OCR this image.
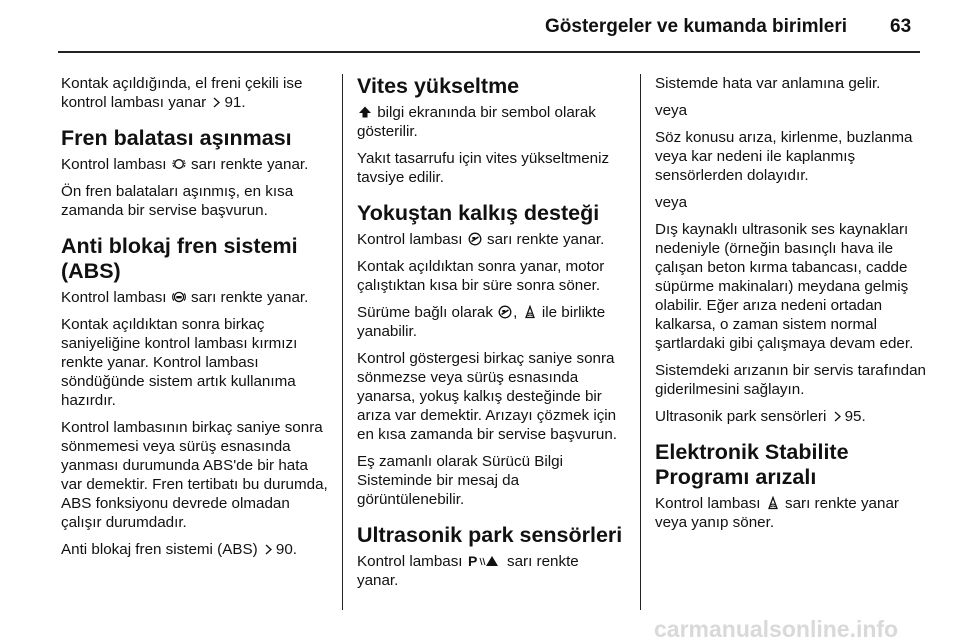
Göstergeler ve kumanda birimleri 63

Kontak açıldığında, el freni çekili ise kontrol lambası yanar 91.

Fren balatası aşınması

Kontrol lambası sarı renkte yanar.

Ön fren balataları aşınmış, en kısa zamanda bir servise başvurun.

Anti blokaj fren sistemi (ABS)

Kontrol lambası sarı renkte yanar.

Kontak açıldıktan sonra birkaç saniyeliğine kontrol lambası kırmızı renkte yanar. Kontrol lambası söndüğünde sistem artık kullanıma hazırdır.

Kontrol lambasının birkaç saniye sonra sönmemesi veya sürüş esnasında yanması durumunda ABS'de bir hata var demektir. Fren tertibatı bu durumda, ABS fonksiyonu devrede olmadan çalışır durumdadır.

Anti blokaj fren sistemi (ABS) 90.

Vites yükseltme

bilgi ekranında bir sembol olarak gösterilir.

Yakıt tasarrufu için vites yükseltmeniz tavsiye edilir.

Yokuştan kalkış desteği

Kontrol lambası sarı renkte yanar.

Kontak açıldıktan sonra yanar, motor çalıştıktan kısa bir süre sonra söner.

Sürüme bağlı olarak ,
ile birlikte yanabilir.

Kontrol göstergesi birkaç saniye sonra sönmezse veya sürüş esnasında yanarsa, yokuş kalkış desteğinde bir arıza var demektir. Arızayı çözmek için en kısa zamanda bir servise başvurun.

Eş zamanlı olarak Sürücü Bilgi Sisteminde bir mesaj da görüntülenebilir.

Ultrasonik park sensörleri

Kontrol lambası P sarı renkte yanar.

Sistemde hata var anlamına gelir.

veya

Söz konusu arıza, kirlenme, buzlanma veya kar nedeni ile kaplanmış sensörlerden dolayıdır.

veya

Dış kaynaklı ultrasonik ses kaynakları nedeniyle (örneğin basınçlı hava ile çalışan beton kırma tabancası, cadde süpürme makinaları) meydana gelmiş olabilir. Eğer arıza nedeni ortadan kalkarsa, o zaman sistem normal şartlardaki gibi çalışmaya devam eder.

Sistemdeki arızanın bir servis tarafından giderilmesini sağlayın.

Ultrasonik park sensörleri 95.

Elektronik Stabilite Programı arızalı

Kontrol lambası sarı renkte yanar veya yanıp söner.

carmanualsonline.info
